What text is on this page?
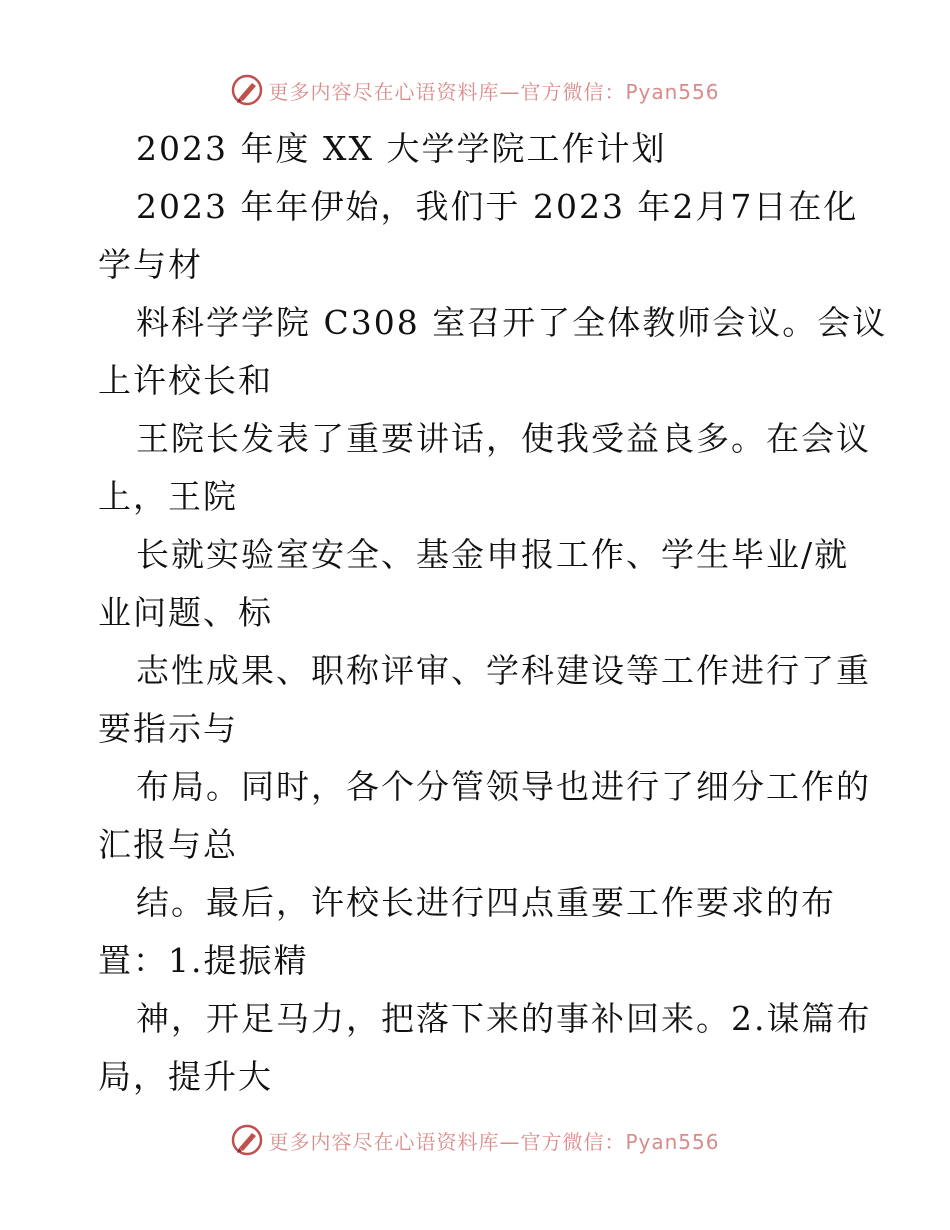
更多内容尽在心语资料库—官方微信：Pyan556
2023 年度 XX 大学学院工作计划
2023 年年伊始，我们于 2023 年2月7日在化
学与材
料科学学院 C308 室召开了全体教师会议。会议
上许校长和
王院长发表了重要讲话，使我受益良多。在会议
上，王院
长就实验室安全、基金申报工作、学生毕业/就
业问题、标
志性成果、职称评审、学科建设等工作进行了重
要指示与
布局。同时，各个分管领导也进行了细分工作的
汇报与总
结。最后，许校长进行四点重要工作要求的布
置：1.提振精
神，开足马力，把落下来的事补回来。2.谋篇布
局，提升大
更多内容尽在心语资料库—官方微信：Pyan556
